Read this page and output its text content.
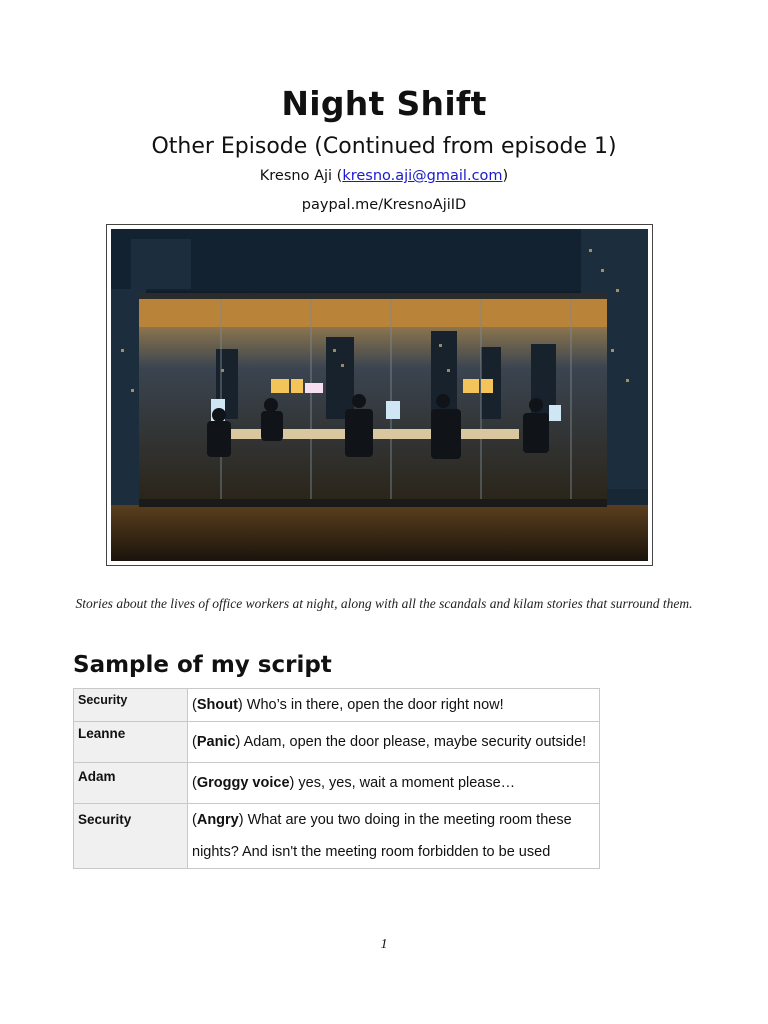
Night Shift
Other Episode (Continued from episode 1)
Kresno Aji (kresno.aji@gmail.com)
paypal.me/KresnoAjiID
Stories about the lives of office workers at night, along with all the scandals and kilam stories that surround them.
Sample of my script
Security	(Shout) Who’s in there, open the door right now!
Leanne	(Panic) Adam, open the door please, maybe security outside!
Adam	(Groggy voice) yes, yes, wait a moment please…
Security	(Angry) What are you two doing in the meeting room these nights? And isn't the meeting room forbidden to be used
1
